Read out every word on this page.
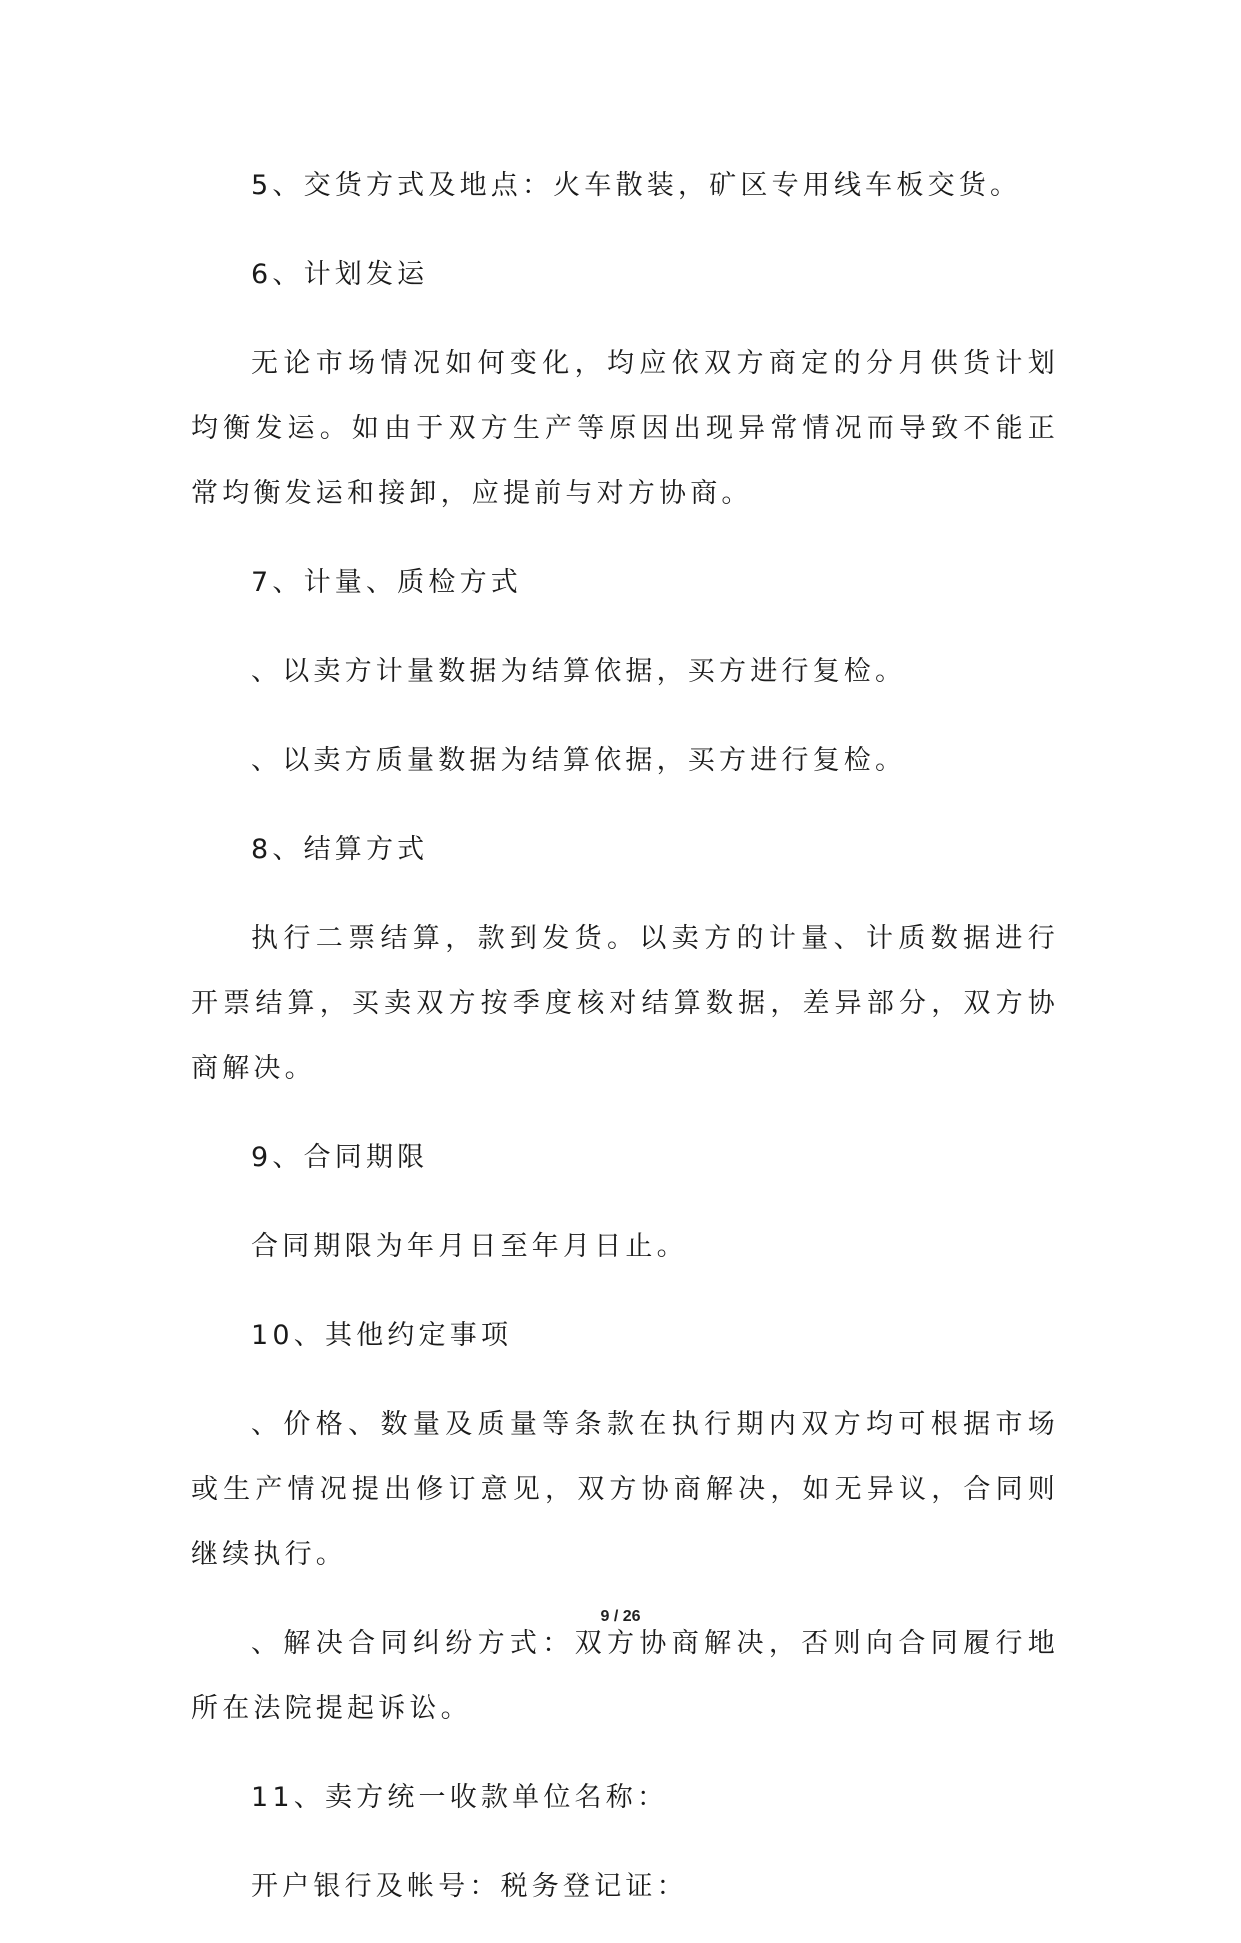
5、交货方式及地点：火车散装，矿区专用线车板交货。

6、计划发运

无论市场情况如何变化，均应依双方商定的分月供货计划均衡发运。如由于双方生产等原因出现异常情况而导致不能正常均衡发运和接卸，应提前与对方协商。

7、计量、质检方式

、以卖方计量数据为结算依据，买方进行复检。

、以卖方质量数据为结算依据，买方进行复检。

8、结算方式

执行二票结算，款到发货。以卖方的计量、计质数据进行开票结算，买卖双方按季度核对结算数据，差异部分，双方协商解决。

9、合同期限

合同期限为年月日至年月日止。

10、其他约定事项

、价格、数量及质量等条款在执行期内双方均可根据市场或生产情况提出修订意见，双方协商解决，如无异议，合同则继续执行。

、解决合同纠纷方式：双方协商解决，否则向合同履行地所在法院提起诉讼。

11、卖方统一收款单位名称：

开户银行及帐号：税务登记证：

9 / 26
